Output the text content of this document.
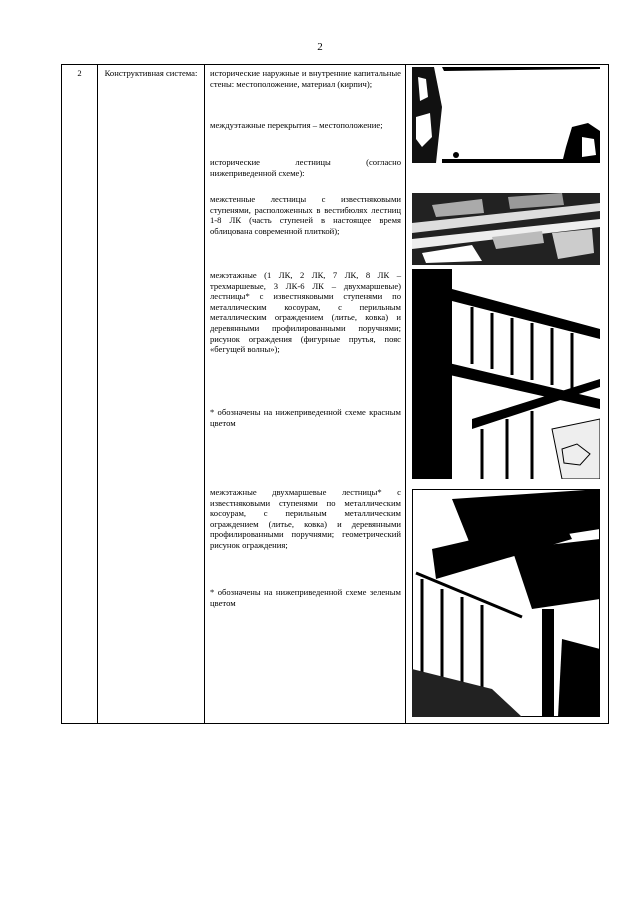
2
2	Конструктивная система:	исторические наружные и внутренние капитальные стены: местоположение, материал (кирпич);
междуэтажные перекрытия – местоположение;
исторические лестницы (согласно нижеприведенной схеме):
межстенные лестницы с известняковыми ступенями, расположенных в вестибюлях лестниц 1-8 ЛК (часть ступеней в настоящее время облицована современной плиткой);
межэтажные (1 ЛК, 2 ЛК, 7 ЛК, 8 ЛК – трехмаршевые, 3 ЛК-6 ЛК – двухмаршевые) лестницы* с известняковыми ступенями по металлическим косоурам, с перильным металлическим ограждением (литье, ковка) и деревянными профилированными поручнями; рисунок ограждения (фигурные прутья, пояс «бегущей волны»);
* обозначены на нижеприведенной схеме красным цветом
межэтажные двухмаршевые лестницы* с известняковыми ступенями по металлическим косоурам, с перильным металлическим ограждением (литье, ковка) и деревянными профилированными поручнями; геометрический рисунок ограждения;
* обозначены на нижеприведенной схеме зеленым цветом
